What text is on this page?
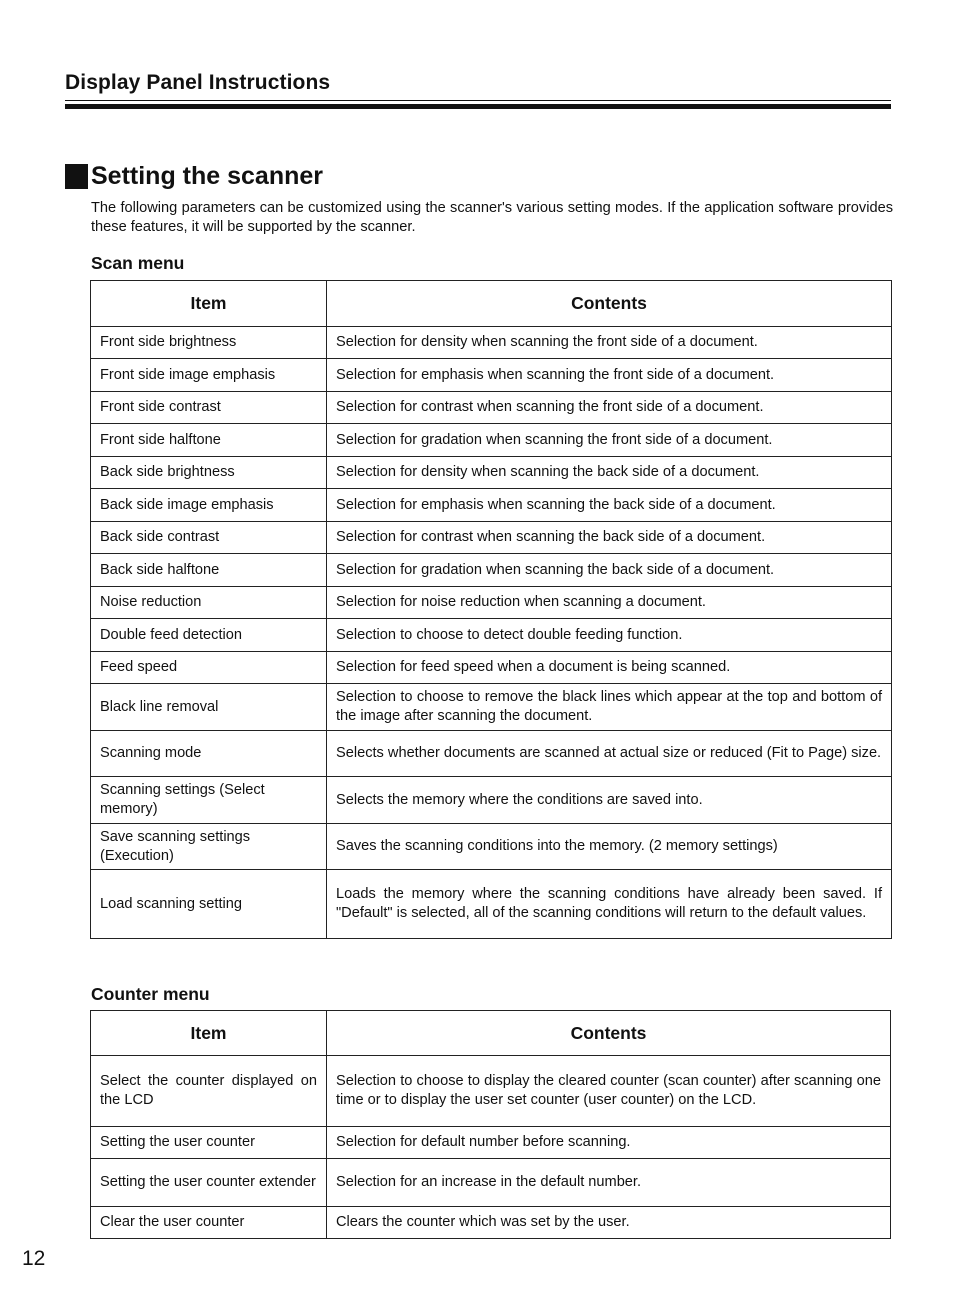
Display Panel Instructions
Setting the scanner
The following parameters can be customized using the scanner's various setting modes. If the application software provides these features, it will be supported by the scanner.
Scan menu
Item	Contents
Front side brightness	Selection for density when scanning the front side of a document.
Front side image emphasis	Selection for emphasis when scanning the front side of a document.
Front side contrast	Selection for contrast when scanning the front side of a document.
Front side halftone	Selection for gradation when scanning the front side of a document.
Back side brightness	Selection for density when scanning the back side of a document.
Back side image emphasis	Selection for emphasis when scanning the back side of a document.
Back side contrast	Selection for contrast when scanning the back side of a document.
Back side halftone	Selection for gradation when scanning the back side of a document.
Noise reduction	Selection for noise reduction when scanning a document.
Double feed detection	Selection to choose to detect double feeding function.
Feed speed	Selection for feed speed when a document is being scanned.
Black line removal	Selection to choose to remove the black lines which appear at the top and bottom of the image after scanning the document.
Scanning mode	Selects whether documents are scanned at actual size or reduced (Fit to Page) size.
Scanning settings (Select memory)	Selects the memory where the conditions are saved into.
Save scanning settings (Execution)	Saves the scanning conditions into the memory. (2 memory settings)
Load scanning setting	Loads the memory where the scanning conditions have already been saved. If "Default" is selected, all of the scanning conditions will return to the default values.
Counter menu
Item	Contents
Select the counter displayed on the LCD	Selection to choose to display the cleared counter (scan counter) after scanning one time or to display the user set counter (user counter) on the LCD.
Setting the user counter	Selection for default number before scanning.
Setting the user counter extender	Selection for an increase in the default number.
Clear the user counter	Clears the counter which was set by the user.
12
